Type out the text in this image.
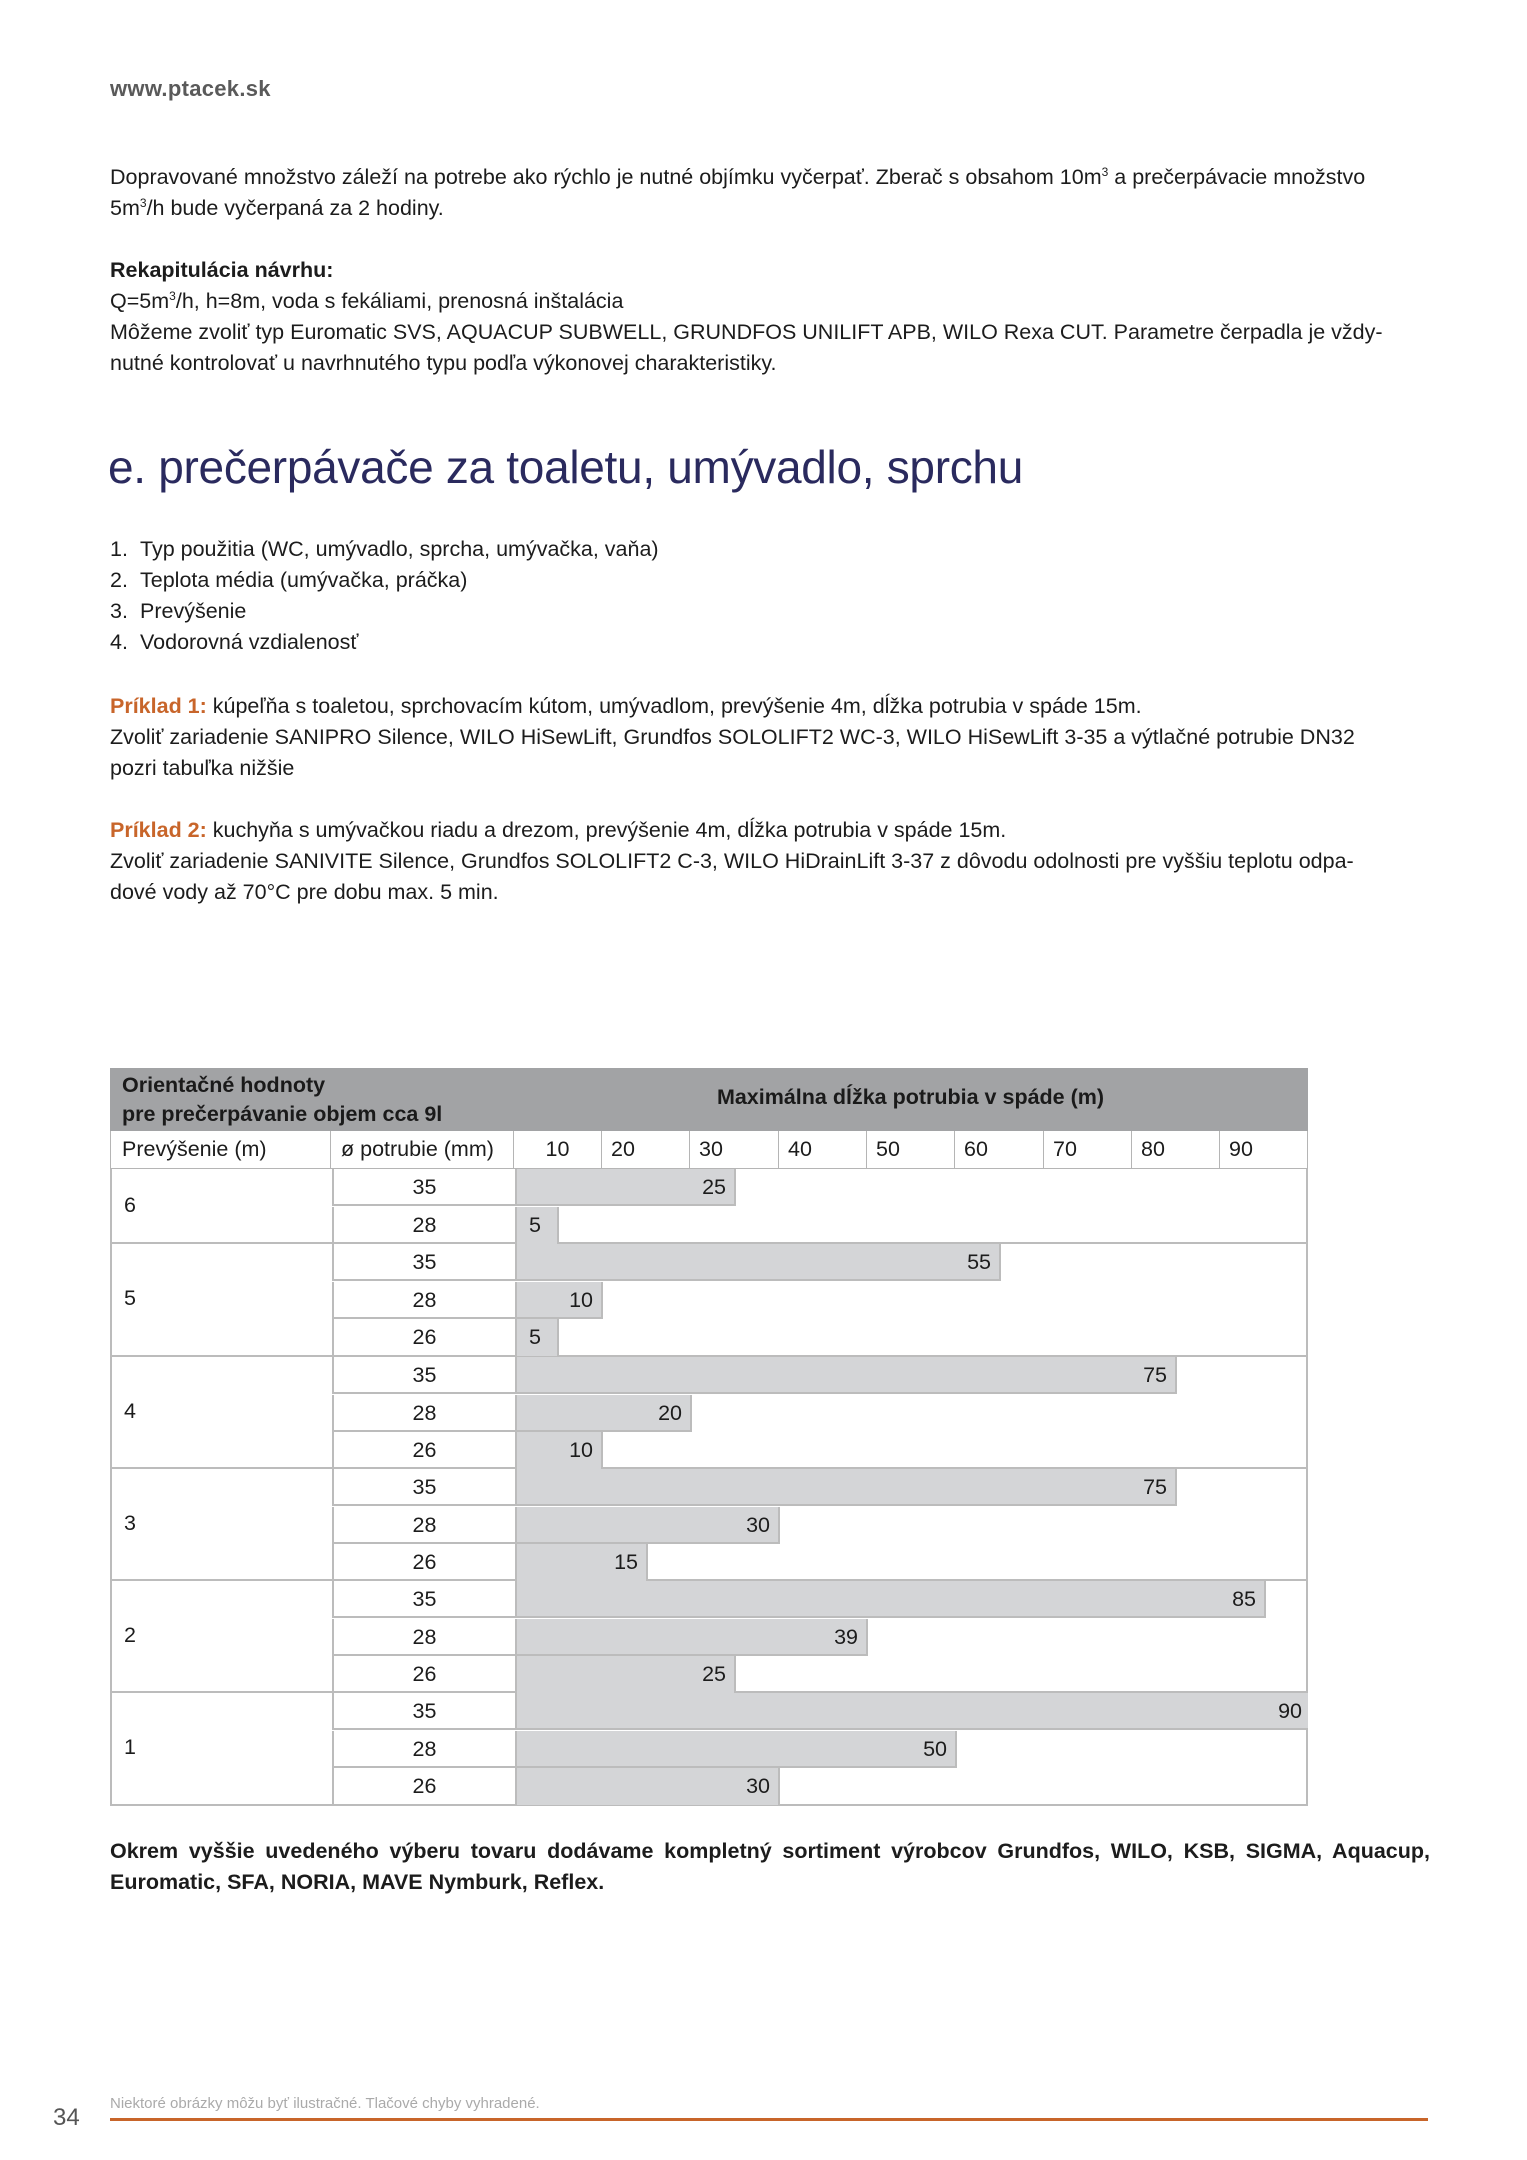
www.ptacek.sk
Dopravované množstvo záleží na potrebe ako rýchlo je nutné objímku vyčerpať. Zberač s obsahom $10m^3$ a prečerpávacie množstvo
$5m^3/h$ bude vyčerpaná za 2 hodiny.
Rekapitulácia návrhu:
$Q=5m^3/h$, h=8m, voda s fekáliami, prenosná inštalácia
Môžeme zvoliť typ Euromatic SVS, AQUACUP SUBWELL, GRUNDFOS UNILIFT APB, WILO Rexa CUT. Parametre čerpadla je vždy-
nutné kontrolovať u navrhnutého typu podľa výkonovej charakteristiky.
e. prečerpávače za toaletu, umývadlo, sprchu
1. Typ použitia (WC, umývadlo, sprcha, umývačka, vaňa)
2. Teplota média (umývačka, práčka)
3. Prevýšenie
4. Vodorovná vzdialenosť
Príklad 1: kúpeľňa s toaletou, sprchovacím kútom, umývadlom, prevýšenie 4m, dĺžka potrubia v spáde 15m.
Zvoliť zariadenie SANIPRO Silence, WILO HiSewLift, Grundfos SOLOLIFT2 WC-3, WILO HiSewLift 3-35 a výtlačné potrubie DN32
pozri tabuľka nižšie
Príklad 2: kuchyňa s umývačkou riadu a drezom, prevýšenie 4m, dĺžka potrubia v spáde 15m.
Zvoliť zariadenie SANIVITE Silence, Grundfos SOLOLIFT2 C-3, WILO HiDrainLift 3-37 z dôvodu odolnosti pre vyššiu teplotu odpa-
dové vody až 70°C pre dobu max. 5 min.
Orientačné hodnoty
pre prečerpávanie objem cca 9l
Maximálna dĺžka potrubia v spáde (m)
Prevýšenie (m)	ø potrubie (mm)	10	20	30	40	50	60	70	80	90
6
35	25
28	5
5
35	55
28	10
26	5
4
35	75
28	20
26	10
3
35	75
28	30
26	15
2
35	85
28	39
26	25
1
35	90
28	50
26	30
Okrem vyššie uvedeného výberu tovaru dodávame kompletný sortiment výrobcov Grundfos, WILO, KSB, SIGMA, Aquacup, Euromatic, SFA, NORIA, MAVE Nymburk, Reflex.
Niektoré obrázky môžu byť ilustračné. Tlačové chyby vyhradené.
34
